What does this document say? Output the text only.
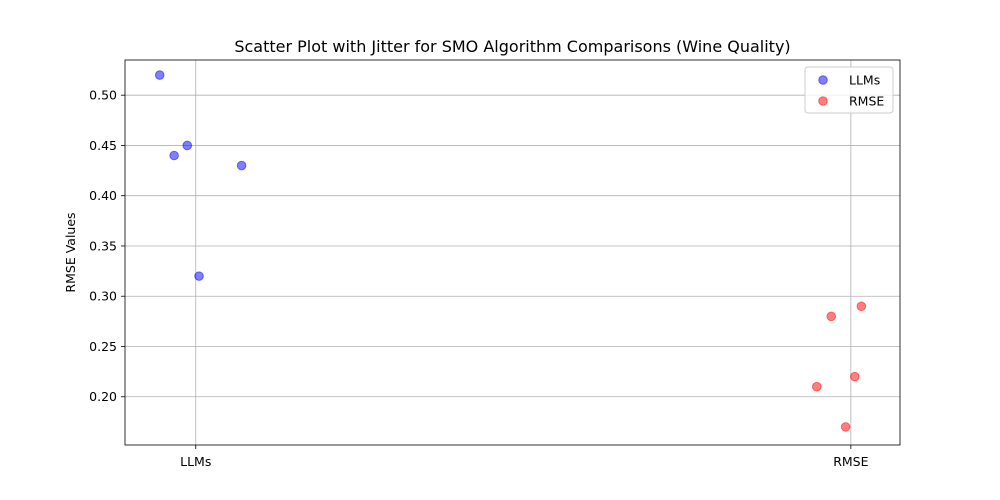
LLMs	RMSE
0.20
0.25
0.30
0.35
0.40
0.45
0.50
Scatter Plot with Jitter for SMO Algorithm Comparisons (Wine Quality)
RMSE Values
LLMs
RMSE
